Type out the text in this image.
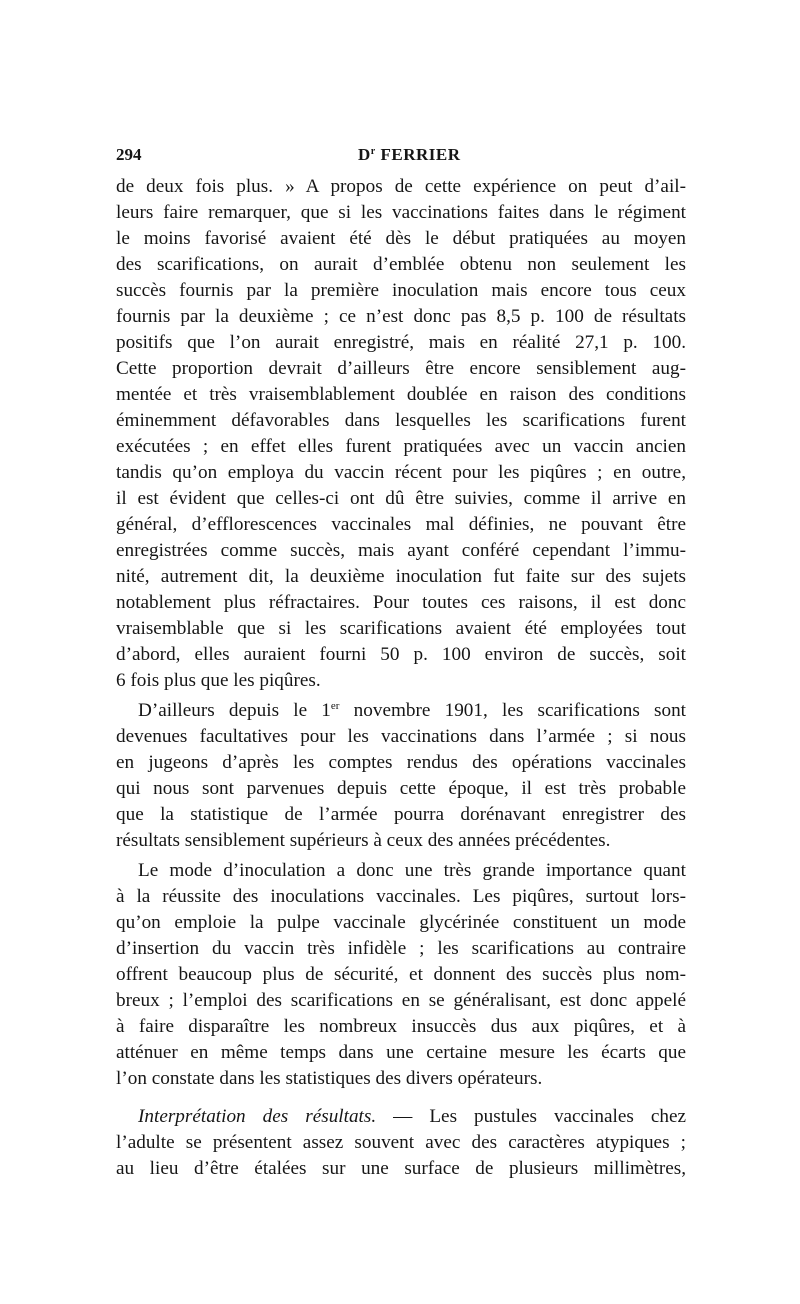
294	$D^r$ FERRIER
de deux fois plus. » A propos de cette expérience on peut d’ail-
leurs faire remarquer, que si les vaccinations faites dans le régiment
le moins favorisé avaient été dès le début pratiquées au moyen
des scarifications, on aurait d’emblée obtenu non seulement les
succès fournis par la première inoculation mais encore tous ceux
fournis par la deuxième ; ce n’est donc pas 8,5 p. 100 de résultats
positifs que l’on aurait enregistré, mais en réalité 27,1 p. 100.
Cette proportion devrait d’ailleurs être encore sensiblement aug-
mentée et très vraisemblablement doublée en raison des conditions
éminemment défavorables dans lesquelles les scarifications furent
exécutées ; en effet elles furent pratiquées avec un vaccin ancien
tandis qu’on employa du vaccin récent pour les piqûres ; en outre,
il est évident que celles-ci ont dû être suivies, comme il arrive en
général, d’efflorescences vaccinales mal définies, ne pouvant être
enregistrées comme succès, mais ayant conféré cependant l’immu-
nité, autrement dit, la deuxième inoculation fut faite sur des sujets
notablement plus réfractaires. Pour toutes ces raisons, il est donc
vraisemblable que si les scarifications avaient été employées tout
d’abord, elles auraient fourni 50 p. 100 environ de succès, soit
6 fois plus que les piqûres.
D’ailleurs depuis le 1er novembre 1901, les scarifications sont
devenues facultatives pour les vaccinations dans l’armée ; si nous
en jugeons d’après les comptes rendus des opérations vaccinales
qui nous sont parvenues depuis cette époque, il est très probable
que la statistique de l’armée pourra dorénavant enregistrer des
résultats sensiblement supérieurs à ceux des années précédentes.
Le mode d’inoculation a donc une très grande importance quant
à la réussite des inoculations vaccinales. Les piqûres, surtout lors-
qu’on emploie la pulpe vaccinale glycérinée constituent un mode
d’insertion du vaccin très infidèle ; les scarifications au contraire
offrent beaucoup plus de sécurité, et donnent des succès plus nom-
breux ; l’emploi des scarifications en se généralisant, est donc appelé
à faire disparaître les nombreux insuccès dus aux piqûres, et à
atténuer en même temps dans une certaine mesure les écarts que
l’on constate dans les statistiques des divers opérateurs.
Interprétation des résultats. — Les pustules vaccinales chez
l’adulte se présentent assez souvent avec des caractères atypiques ;
au lieu d’être étalées sur une surface de plusieurs millimètres,
